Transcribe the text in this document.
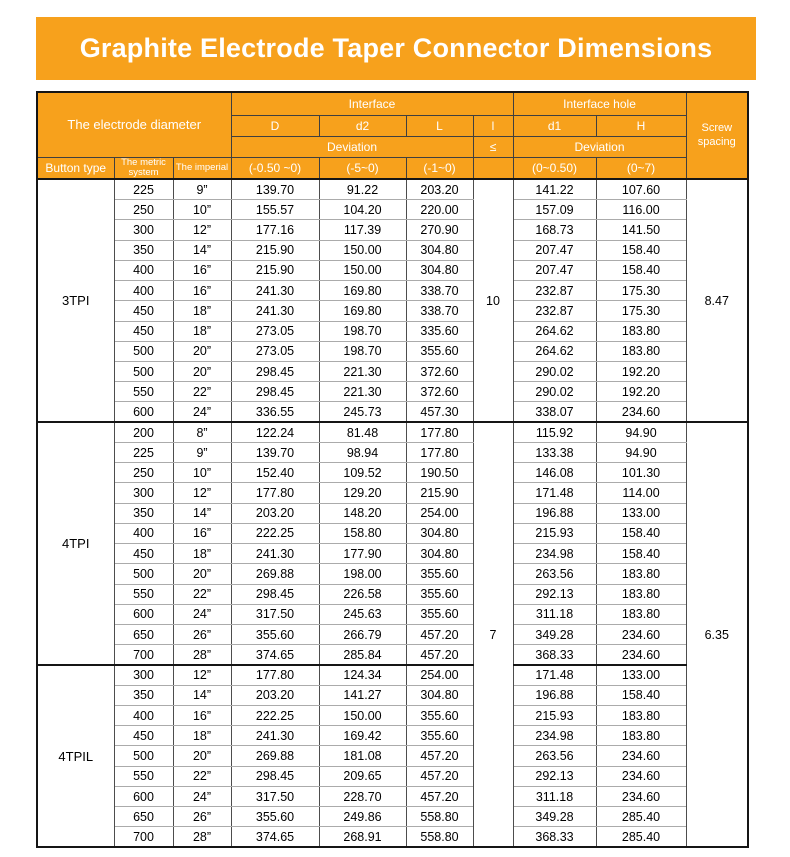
Graphite Electrode Taper Connector Dimensions
The electrode diameter			Interface				Interface hole		Screw spacing
			D	d2	L	l	d1	H	
			Deviation			≤	Deviation		
Button type	The metric system	The imperial	(-0.50 ~0)	(-5~0)	(-1~0)		(0~0.50)	(0~7)	
3TPI	225	9”	139.70	91.22	203.20	10	141.22	107.60	8.47
	250	10”	155.57	104.20	220.00		157.09	116.00	
	300	12”	177.16	117.39	270.90		168.73	141.50	
	350	14”	215.90	150.00	304.80		207.47	158.40	
	400	16”	215.90	150.00	304.80		207.47	158.40	
	400	16”	241.30	169.80	338.70		232.87	175.30	
	450	18”	241.30	169.80	338.70		232.87	175.30	
	450	18”	273.05	198.70	335.60		264.62	183.80	
	500	20”	273.05	198.70	355.60		264.62	183.80	
	500	20”	298.45	221.30	372.60		290.02	192.20	
	550	22”	298.45	221.30	372.60		290.02	192.20	
	600	24”	336.55	245.73	457.30		338.07	234.60	
4TPI	200	8”	122.24	81.48	177.80	7	115.92	94.90	6.35
	225	9”	139.70	98.94	177.80		133.38	94.90	
	250	10”	152.40	109.52	190.50		146.08	101.30	
	300	12”	177.80	129.20	215.90		171.48	114.00	
	350	14”	203.20	148.20	254.00		196.88	133.00	
	400	16”	222.25	158.80	304.80		215.93	158.40	
	450	18”	241.30	177.90	304.80		234.98	158.40	
	500	20”	269.88	198.00	355.60		263.56	183.80	
	550	22”	298.45	226.58	355.60		292.13	183.80	
	600	24”	317.50	245.63	355.60		311.18	183.80	
	650	26”	355.60	266.79	457.20		349.28	234.60	
	700	28”	374.65	285.84	457.20		368.33	234.60	
4TPIL	300	12”	177.80	124.34	254.00		171.48	133.00	
	350	14”	203.20	141.27	304.80		196.88	158.40	
	400	16”	222.25	150.00	355.60		215.93	183.80	
	450	18”	241.30	169.42	355.60		234.98	183.80	
	500	20”	269.88	181.08	457.20		263.56	234.60	
	550	22”	298.45	209.65	457.20		292.13	234.60	
	600	24”	317.50	228.70	457.20		311.18	234.60	
	650	26”	355.60	249.86	558.80		349.28	285.40	
	700	28”	374.65	268.91	558.80		368.33	285.40	
